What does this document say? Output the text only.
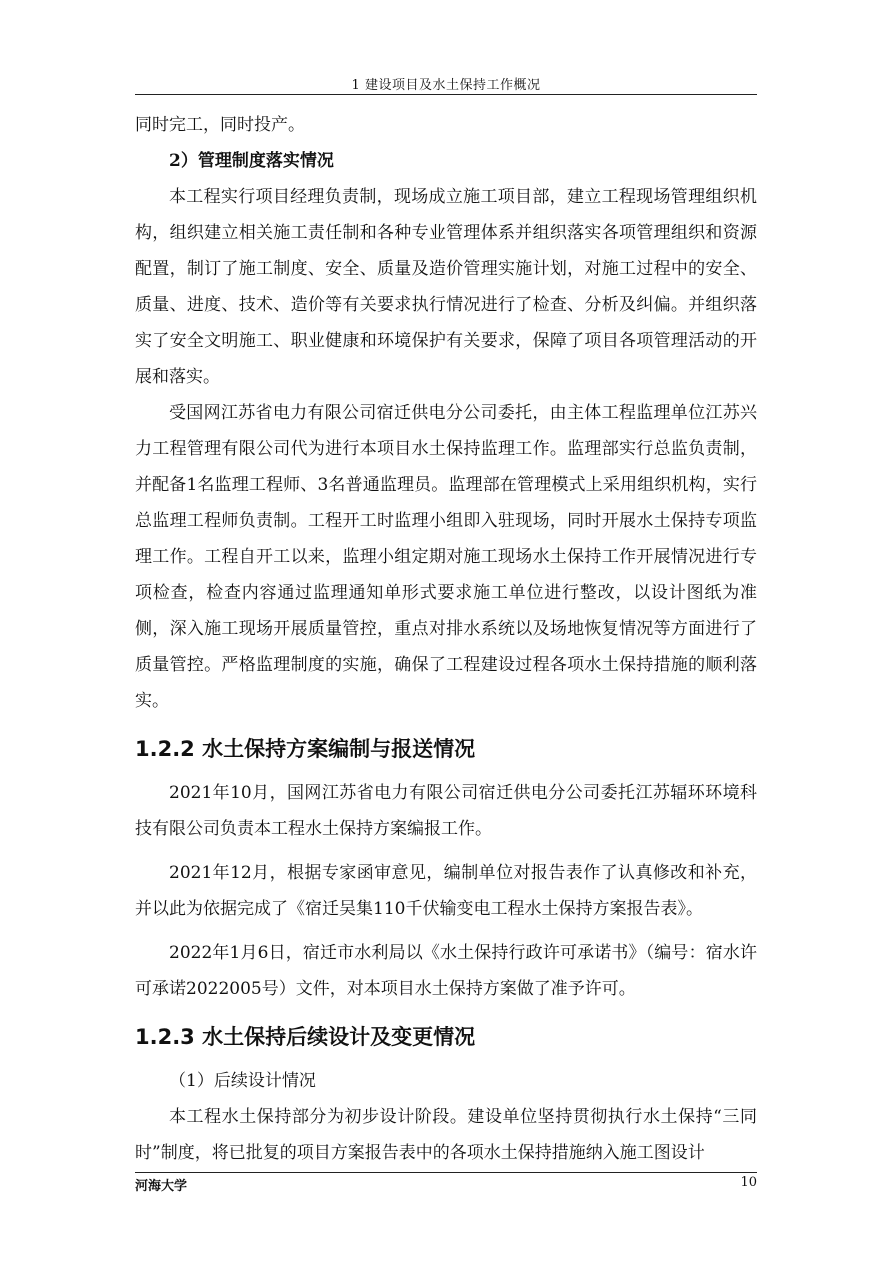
1 建设项目及水土保持工作概况

同时完工，同时投产。

2）管理制度落实情况

本工程实行项目经理负责制，现场成立施工项目部，建立工程现场管理组织机构，组织建立相关施工责任制和各种专业管理体系并组织落实各项管理组织和资源配置，制订了施工制度、安全、质量及造价管理实施计划，对施工过程中的安全、质量、进度、技术、造价等有关要求执行情况进行了检查、分析及纠偏。并组织落实了安全文明施工、职业健康和环境保护有关要求，保障了项目各项管理活动的开展和落实。

受国网江苏省电力有限公司宿迁供电分公司委托，由主体工程监理单位江苏兴力工程管理有限公司代为进行本项目水土保持监理工作。监理部实行总监负责制，并配备1名监理工程师、3名普通监理员。监理部在管理模式上采用组织机构，实行总监理工程师负责制。工程开工时监理小组即入驻现场，同时开展水土保持专项监理工作。工程自开工以来，监理小组定期对施工现场水土保持工作开展情况进行专项检查，检查内容通过监理通知单形式要求施工单位进行整改，以设计图纸为准侧，深入施工现场开展质量管控，重点对排水系统以及场地恢复情况等方面进行了质量管控。严格监理制度的实施，确保了工程建设过程各项水土保持措施的顺利落实。

1.2.2 水土保持方案编制与报送情况

2021年10月，国网江苏省电力有限公司宿迁供电分公司委托江苏辐环环境科技有限公司负责本工程水土保持方案编报工作。

2021年12月，根据专家函审意见，编制单位对报告表作了认真修改和补充，并以此为依据完成了《宿迁吴集110千伏输变电工程水土保持方案报告表》。

2022年1月6日，宿迁市水利局以《水土保持行政许可承诺书》（编号：宿水许可承诺2022005号）文件，对本项目水土保持方案做了准予许可。

1.2.3 水土保持后续设计及变更情况

（1）后续设计情况

本工程水土保持部分为初步设计阶段。建设单位坚持贯彻执行水土保持“三同时”制度，将已批复的项目方案报告表中的各项水土保持措施纳入施工图设计

河海大学	10
